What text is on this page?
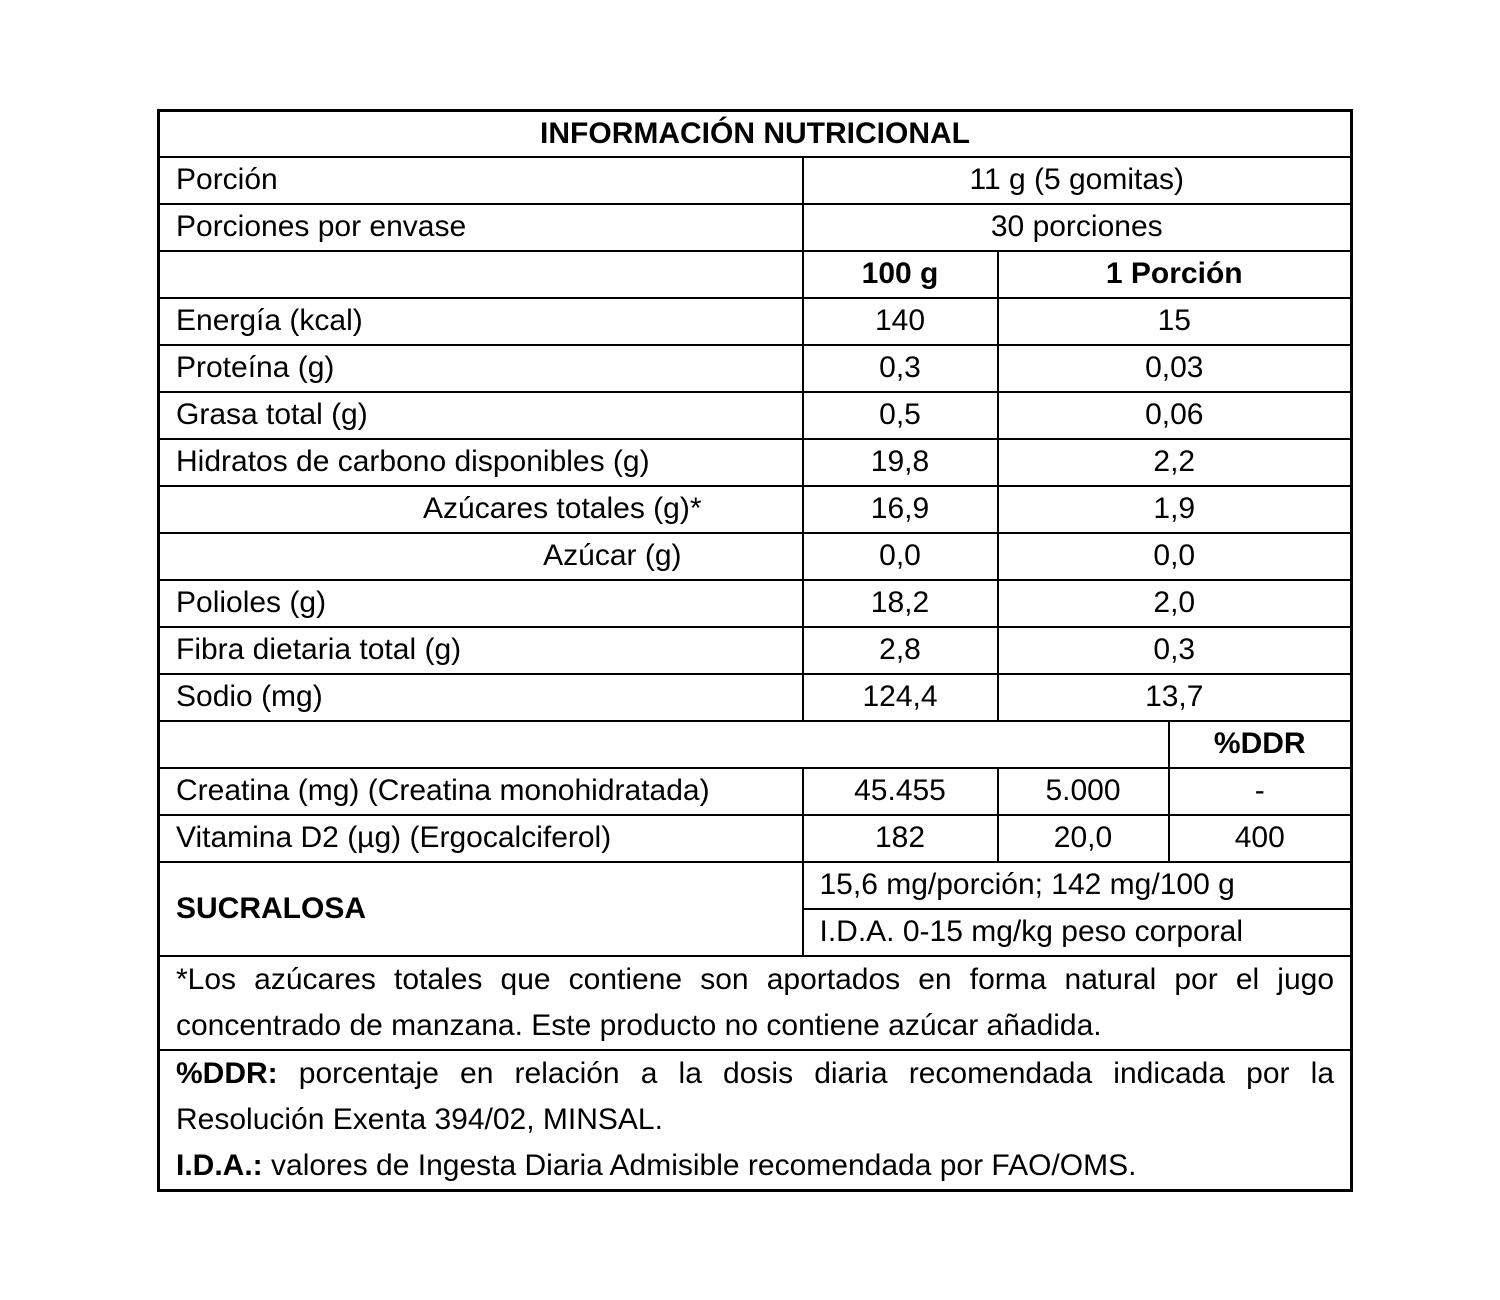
INFORMACIÓN NUTRICIONAL			
Porción	11 g (5 gomitas)		
Porciones por envase	30 porciones		
	100 g	1 Porción	
Energía (kcal)	140	15	
Proteína (g)	0,3	0,03	
Grasa total (g)	0,5	0,06	
Hidratos de carbono disponibles (g)	19,8	2,2	
Azúcares totales (g)*	16,9	1,9	
Azúcar (g)	0,0	0,0	
Polioles (g)	18,2	2,0	
Fibra dietaria total (g)	2,8	0,3	
Sodio (mg)	124,4	13,7	
			%DDR
Creatina (mg) (Creatina monohidratada)	45.455	5.000	-
Vitamina D2 (µg) (Ergocalciferol)	182	20,0	400
SUCRALOSA	15,6 mg/porción; 142 mg/100 g		
	I.D.A. 0-15 mg/kg peso corporal		

*Los azúcares totales que contiene son aportados en forma natural por el jugo
concentrado de manzana. Este producto no contiene azúcar añadida.			

%DDR: porcentaje en relación a la dosis diaria recomendada indicada por la
Resolución Exenta 394/02, MINSAL.
I.D.A.: valores de Ingesta Diaria Admisible recomendada por FAO/OMS.			
